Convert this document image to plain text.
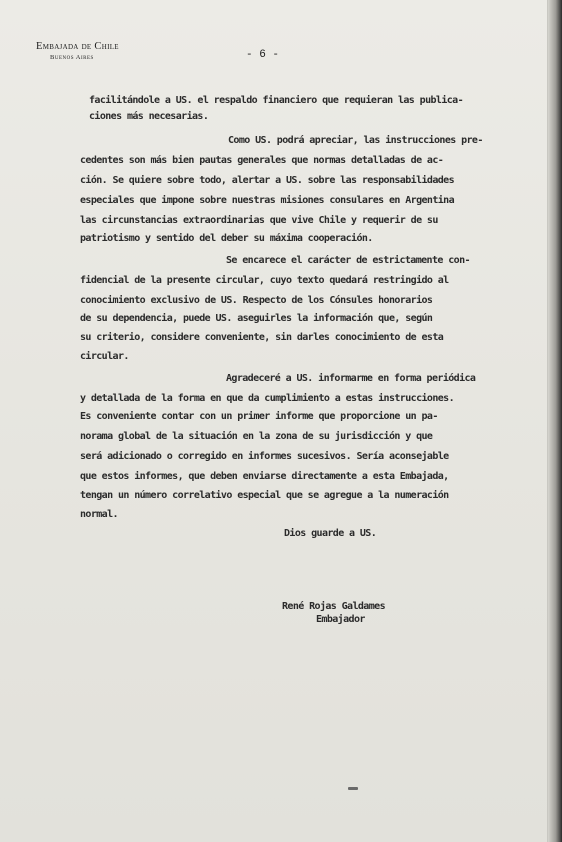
Embajada de Chile
Buenos Aires	- 6 -
facilitándole a US. el respaldo financiero que requieran las publica-
ciones más necesarias.
Como US. podrá apreciar, las instrucciones pre-
cedentes son más bien pautas generales que normas detalladas de ac-
ción. Se quiere sobre todo, alertar a US. sobre las responsabilidades
especiales que impone sobre nuestras misiones consulares en Argentina
las circunstancias extraordinarias que vive Chile y requerir de su
patriotismo y sentido del deber su máxima cooperación.
Se encarece el carácter de estrictamente con-
fidencial de la presente circular, cuyo texto quedará restringido al
conocimiento exclusivo de US. Respecto de los Cónsules honorarios
de su dependencia, puede US. aseguirles la información que, según
su criterio, considere conveniente, sin darles conocimiento de esta
circular.
Agradeceré a US. informarme en forma periódica
y detallada de la forma en que da cumplimiento a estas instrucciones.
Es conveniente contar con un primer informe que proporcione un pa-
norama global de la situación en la zona de su jurisdicción y que
será adicionado o corregido en informes sucesivos. Sería aconsejable
que estos informes, que deben enviarse directamente a esta Embajada,
tengan un número correlativo especial que se agregue a la numeración
normal.
Dios guarde a US.
René Rojas Galdames
Embajador
